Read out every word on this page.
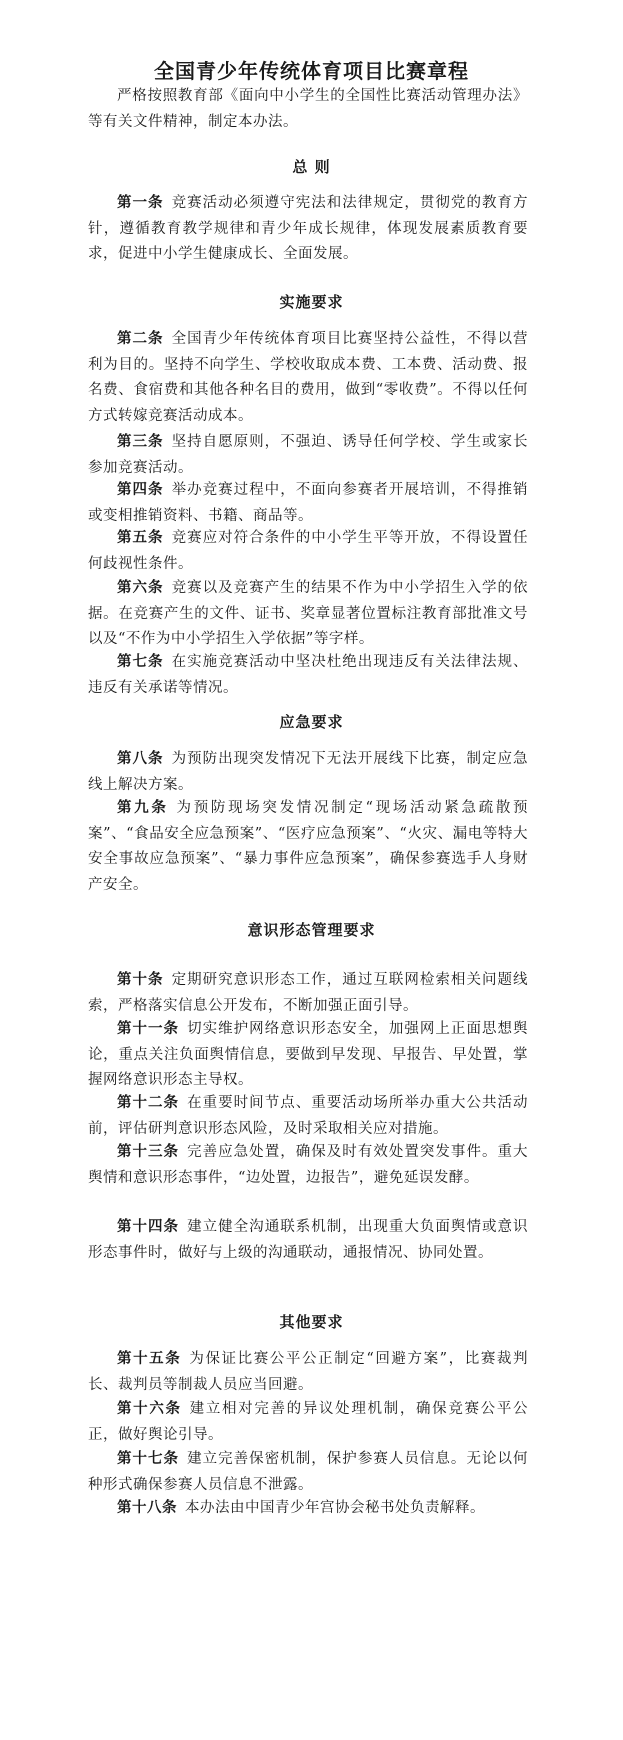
全国青少年传统体育项目比赛章程

严格按照教育部《面向中小学生的全国性比赛活动管理办法》等有关文件精神，制定本办法。

总 则

第一条 竞赛活动必须遵守宪法和法律规定，贯彻党的教育方针，遵循教育教学规律和青少年成长规律，体现发展素质教育要求，促进中小学生健康成长、全面发展。

实施要求

第二条 全国青少年传统体育项目比赛坚持公益性，不得以营利为目的。坚持不向学生、学校收取成本费、工本费、活动费、报名费、食宿费和其他各种名目的费用，做到“零收费”。不得以任何方式转嫁竞赛活动成本。

第三条 坚持自愿原则，不强迫、诱导任何学校、学生或家长参加竞赛活动。

第四条 举办竞赛过程中，不面向参赛者开展培训，不得推销或变相推销资料、书籍、商品等。

第五条 竞赛应对符合条件的中小学生平等开放，不得设置任何歧视性条件。

第六条 竞赛以及竞赛产生的结果不作为中小学招生入学的依据。在竞赛产生的文件、证书、奖章显著位置标注教育部批准文号以及“不作为中小学招生入学依据”等字样。

第七条 在实施竞赛活动中坚决杜绝出现违反有关法律法规、违反有关承诺等情况。

应急要求

第八条 为预防出现突发情况下无法开展线下比赛，制定应急线上解决方案。

第九条 为预防现场突发情况制定“现场活动紧急疏散预案”、“食品安全应急预案”、“医疗应急预案”、“火灾、漏电等特大安全事故应急预案”、“暴力事件应急预案”，确保参赛选手人身财产安全。

意识形态管理要求

第十条 定期研究意识形态工作，通过互联网检索相关问题线索，严格落实信息公开发布，不断加强正面引导。

第十一条 切实维护网络意识形态安全，加强网上正面思想舆论，重点关注负面舆情信息，要做到早发现、早报告、早处置，掌握网络意识形态主导权。

第十二条 在重要时间节点、重要活动场所举办重大公共活动前，评估研判意识形态风险，及时采取相关应对措施。

第十三条 完善应急处置，确保及时有效处置突发事件。重大舆情和意识形态事件，“边处置，边报告”，避免延误发酵。

第十四条 建立健全沟通联系机制，出现重大负面舆情或意识形态事件时，做好与上级的沟通联动，通报情况、协同处置。

其他要求

第十五条 为保证比赛公平公正制定“回避方案”，比赛裁判长、裁判员等制裁人员应当回避。

第十六条 建立相对完善的异议处理机制，确保竞赛公平公正，做好舆论引导。

第十七条 建立完善保密机制，保护参赛人员信息。无论以何种形式确保参赛人员信息不泄露。

第十八条 本办法由中国青少年宫协会秘书处负责解释。
